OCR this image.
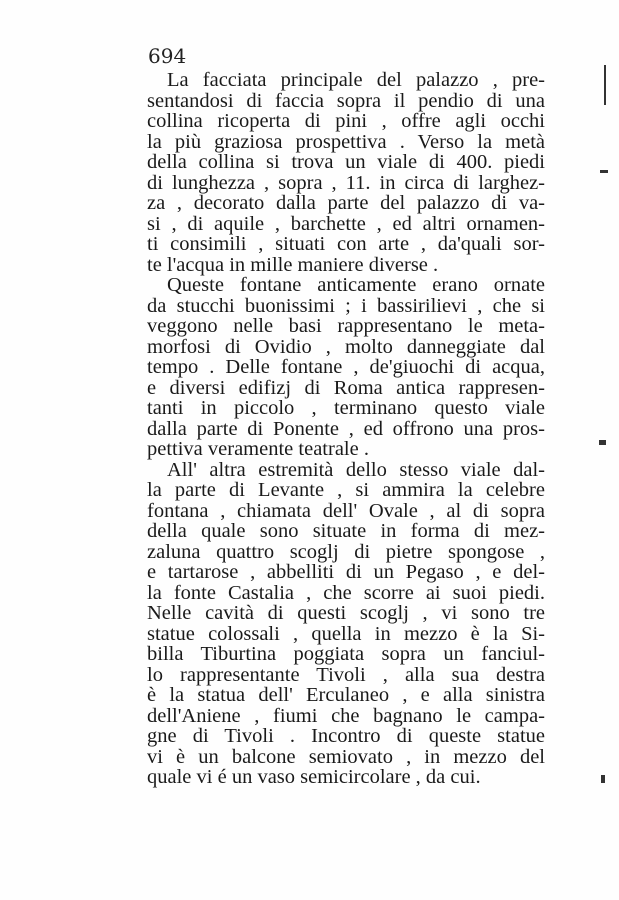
694
La facciata principale del palazzo , pre-
sentandosi di faccia sopra il pendio di una
collina ricoperta di pini , offre agli occhi
la più graziosa prospettiva . Verso la metà
della collina si trova un viale di 400. piedi
di lunghezza , sopra , 11. in circa di larghez-
za , decorato dalla parte del palazzo di va-
si , di aquile , barchette , ed altri ornamen-
ti consimili , situati con arte , da'quali sor-
te l'acqua in mille maniere diverse .
Queste fontane anticamente erano ornate
da stucchi buonissimi ; i bassirilievi , che si
veggono nelle basi rappresentano le meta-
morfosi di Ovidio , molto danneggiate dal
tempo . Delle fontane , de'giuochi di acqua,
e diversi edifizj di Roma antica rappresen-
tanti in piccolo , terminano questo viale
dalla parte di Ponente , ed offrono una pros-
pettiva veramente teatrale .
All' altra estremità dello stesso viale dal-
la parte di Levante , si ammira la celebre
fontana , chiamata dell' Ovale , al di sopra
della quale sono situate in forma di mez-
zaluna quattro scoglj di pietre spongose ,
e tartarose , abbelliti di un Pegaso , e del-
la fonte Castalia , che scorre ai suoi piedi.
Nelle cavità di questi scoglj , vi sono tre
statue colossali , quella in mezzo è la Si-
billa Tiburtina poggiata sopra un fanciul-
lo rappresentante Tivoli , alla sua destra
è la statua dell' Erculaneo , e alla sinistra
dell'Aniene , fiumi che bagnano le campa-
gne di Tivoli . Incontro di queste statue
vi è un balcone semiovato , in mezzo del
quale vi é un vaso semicircolare , da cui.
